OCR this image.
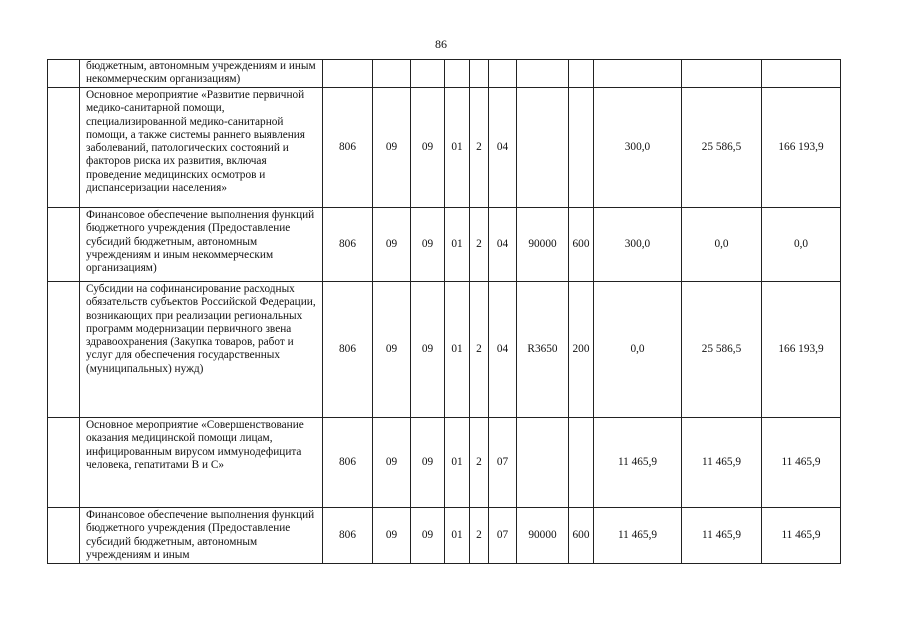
86
	бюджетным, автономным учреждениям и иным некоммерческим организациям)											
	Основное мероприятие «Развитие первичной медико-санитарной помощи, специализированной медико-санитарной помощи, а также системы раннего выявления заболеваний, патологических состояний и факторов риска их развития, включая проведение медицинских осмотров и диспансеризации населения»	806	09	09	01	2	04			300,0	25 586,5	166 193,9
	Финансовое обеспечение выполнения функций бюджетного учреждения (Предоставление субсидий бюджетным, автономным учреждениям и иным некоммерческим организациям)	806	09	09	01	2	04	90000	600	300,0	0,0	0,0
	Субсидии на софинансирование расходных обязательств субъектов Российской Федерации, возникающих при реализации региональных программ модернизации первичного звена здравоохранения (Закупка товаров, работ и услуг для обеспечения государственных (муниципальных) нужд)	806	09	09	01	2	04	R3650	200	0,0	25 586,5	166 193,9
	Основное мероприятие «Совершенствование оказания медицинской помощи лицам, инфицированным вирусом иммунодефицита человека, гепатитами В и С»	806	09	09	01	2	07			11 465,9	11 465,9	11 465,9
	Финансовое обеспечение выполнения функций бюджетного учреждения (Предоставление субсидий бюджетным, автономным учреждениям и иным	806	09	09	01	2	07	90000	600	11 465,9	11 465,9	11 465,9
